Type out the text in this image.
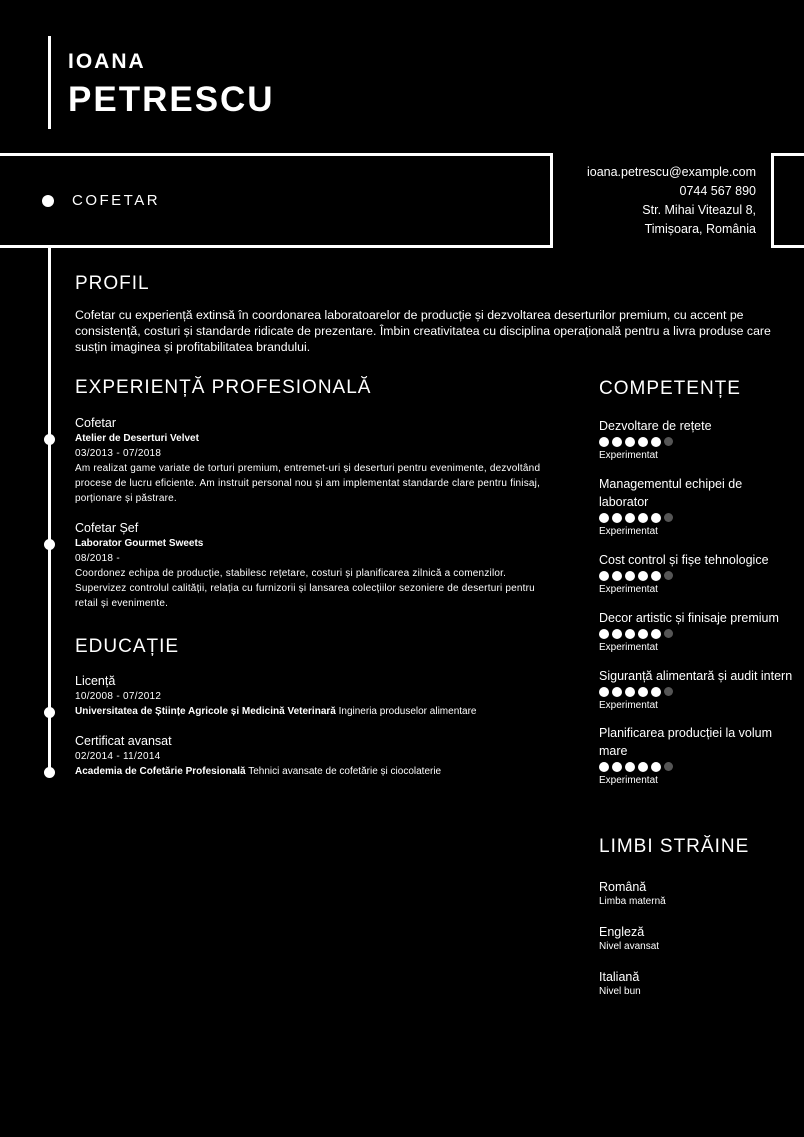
IOANA
PETRESCU
COFETAR
ioana.petrescu@example.com
0744 567 890
Str. Mihai Viteazul 8,
Timișoara, România
PROFIL
Cofetar cu experiență extinsă în coordonarea laboratoarelor de producție și dezvoltarea deserturilor premium, cu accent pe consistență, costuri și standarde ridicate de prezentare. Îmbin creativitatea cu disciplina operațională pentru a livra produse care susțin imaginea și profitabilitatea brandului.
EXPERIENȚĂ PROFESIONALĂ
Cofetar
Atelier de Deserturi Velvet
03/2013 - 07/2018
Am realizat game variate de torturi premium, entremet-uri și deserturi pentru evenimente, dezvoltând procese de lucru eficiente. Am instruit personal nou și am implementat standarde clare pentru finisaj, porționare și păstrare.
Cofetar Șef
Laborator Gourmet Sweets
08/2018 -
Coordonez echipa de producție, stabilesc rețetare, costuri și planificarea zilnică a comenzilor. Supervizez controlul calității, relația cu furnizorii și lansarea colecțiilor sezoniere de deserturi pentru retail și evenimente.
EDUCAȚIE
Licență
10/2008 - 07/2012
Universitatea de Științe Agricole și Medicină Veterinară Ingineria produselor alimentare
Certificat avansat
02/2014 - 11/2014
Academia de Cofetărie Profesională Tehnici avansate de cofetărie și ciocolaterie
COMPETENȚE
Dezvoltare de rețete
Experimentat
Managementul echipei de laborator
Experimentat
Cost control și fișe tehnologice
Experimentat
Decor artistic și finisaje premium
Experimentat
Siguranță alimentară și audit intern
Experimentat
Planificarea producției la volum mare
Experimentat
LIMBI STRĂINE
Română
Limba maternă
Engleză
Nivel avansat
Italiană
Nivel bun
